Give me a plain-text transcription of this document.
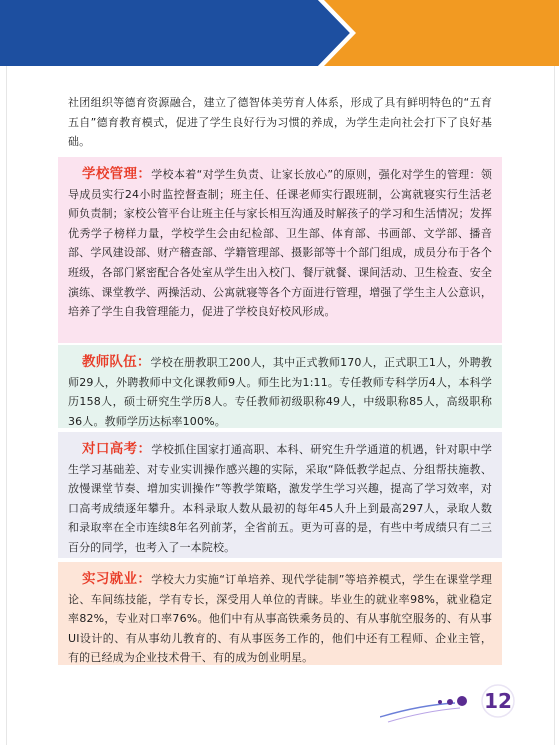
社团组织等德育资源融合，建立了德智体美劳育人体系，形成了具有鲜明特色的“五育五自”德育教育模式，促进了学生良好行为习惯的养成，为学生走向社会打下了良好基础。
学校管理：学校本着“对学生负责、让家长放心”的原则，强化对学生的管理：领导成员实行24小时监控督查制；班主任、任课老师实行跟班制，公寓就寝实行生活老师负责制；家校公管平台让班主任与家长相互沟通及时解孩子的学习和生活情况；发挥优秀学子榜样力量，学校学生会由纪检部、卫生部、体育部、书画部、文学部、播音部、学风建设部、财产稽查部、学籍管理部、摄影部等十个部门组成，成员分布于各个班级，各部门紧密配合各处室从学生出入校门、餐厅就餐、课间活动、卫生检查、安全演练、课堂教学、两操活动、公寓就寝等各个方面进行管理，增强了学生主人公意识，培养了学生自我管理能力，促进了学校良好校风形成。
教师队伍：学校在册教职工200人，其中正式教师170人，正式职工1人，外聘教师29人，外聘教师中文化课教师9人。师生比为1:11。专任教师专科学历4人，本科学历158人，硕士研究生学历8人。专任教师初级职称49人，中级职称85人，高级职称36人。教师学历达标率100%。
对口高考：学校抓住国家打通高职、本科、研究生升学通道的机遇，针对职中学生学习基础差、对专业实训操作感兴趣的实际，采取“降低教学起点、分组帮扶施教、放慢课堂节奏、增加实训操作”等教学策略，激发学生学习兴趣，提高了学习效率，对口高考成绩逐年攀升。本科录取人数从最初的每年45人升上到最高297人，录取人数和录取率在全市连续8年名列前茅，全省前五。更为可喜的是，有些中考成绩只有二三百分的同学，也考入了一本院校。
实习就业：学校大力实施“订单培养、现代学徒制”等培养模式，学生在课堂学理论、车间练技能，学有专长，深受用人单位的青睐。毕业生的就业率98%，就业稳定率82%，专业对口率76%。他们中有从事高铁乘务员的、有从事航空服务的、有从事UI设计的、有从事幼儿教育的、有从事医务工作的，他们中还有工程师、企业主管，有的已经成为企业技术骨干、有的成为创业明星。
12
